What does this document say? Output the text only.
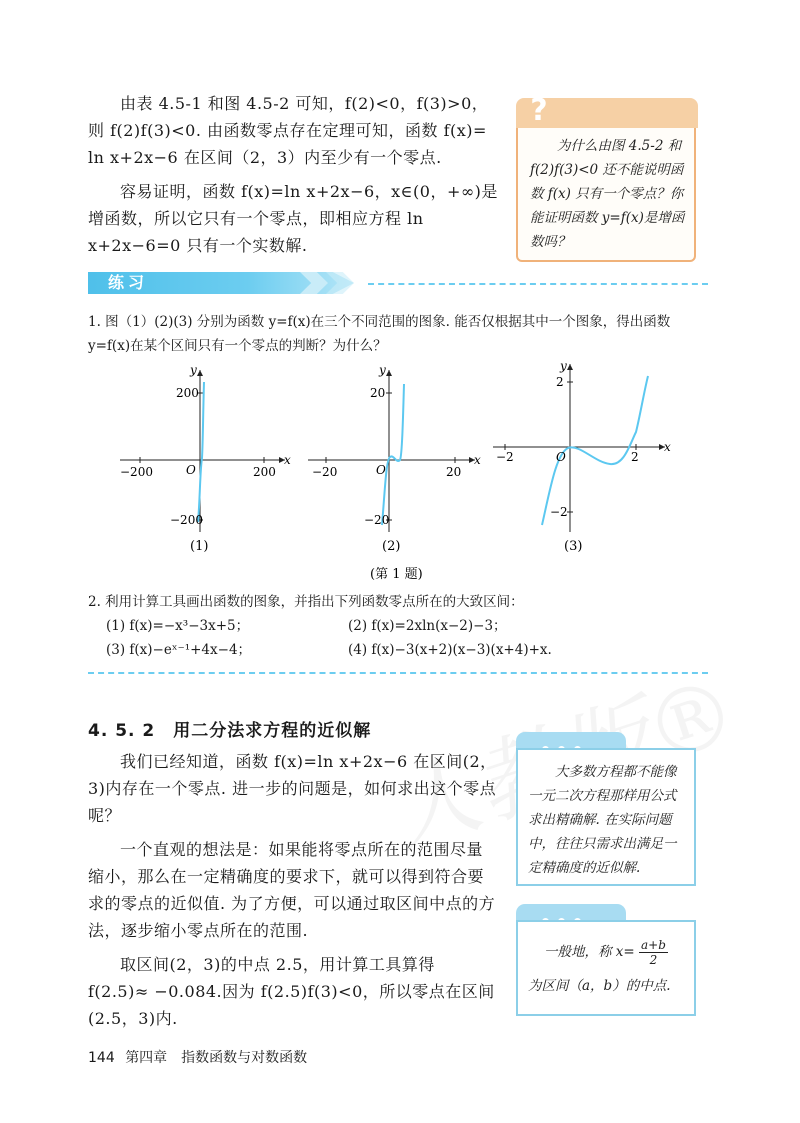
由表 4.5-1 和图 4.5-2 可知，f(2)<0，f(3)>0，则 f(2)f(3)<0. 由函数零点存在定理可知，函数 f(x)= ln x+2x−6 在区间（2，3）内至少有一个零点.

容易证明，函数 f(x)=ln x+2x−6，x∈(0，+∞)是增函数，所以它只有一个零点，即相应方程 ln x+2x−6=0 只有一个实数解.

?
为什么由图 4.5-2 和 f(2)f(3)<0 还不能说明函数 f(x) 只有一个零点？你能证明函数 y=f(x)是增函数吗？
练习
1. 图（1）(2)(3) 分别为函数 y=f(x)在三个不同范围的图象. 能否仅根据其中一个图象，得出函数 y=f(x)在某个区间只有一个零点的判断？为什么？
200
−200
−200	200
O
x
y
(1)
20
−20
−20	20
O
x
y
(2)
2
−2
−2	2
O
x
y
(3)
(第 1 题)
2. 利用计算工具画出函数的图象，并指出下列函数零点所在的大致区间：
(1) f(x)=−x³−3x+5；	(2) f(x)=2xln(x−2)−3；
(3) f(x)−eˣ⁻¹+4x−4；	(4) f(x)−3(x+2)(x−3)(x+4)+x.
4. 5. 2　用二分法求方程的近似解

我们已经知道，函数 f(x)=ln x+2x−6 在区间(2，3)内存在一个零点. 进一步的问题是，如何求出这个零点呢？

一个直观的想法是：如果能将零点所在的范围尽量缩小，那么在一定精确度的要求下，就可以得到符合要求的零点的近似值. 为了方便，可以通过取区间中点的方法，逐步缩小零点所在的范围.

取区间(2，3)的中点 2.5，用计算工具算得 f(2.5)≈ −0.084.因为 f(2.5)f(3)<0，所以零点在区间(2.5，3)内.

大多数方程都不能像一元二次方程那样用公式求出精确解. 在实际问题中，往往只需求出满足一定精确度的近似解.
一般地，称 $x= \frac{a+b}{2}$
为区间（a，b）的中点.
144 第四章　指数函数与对数函数
